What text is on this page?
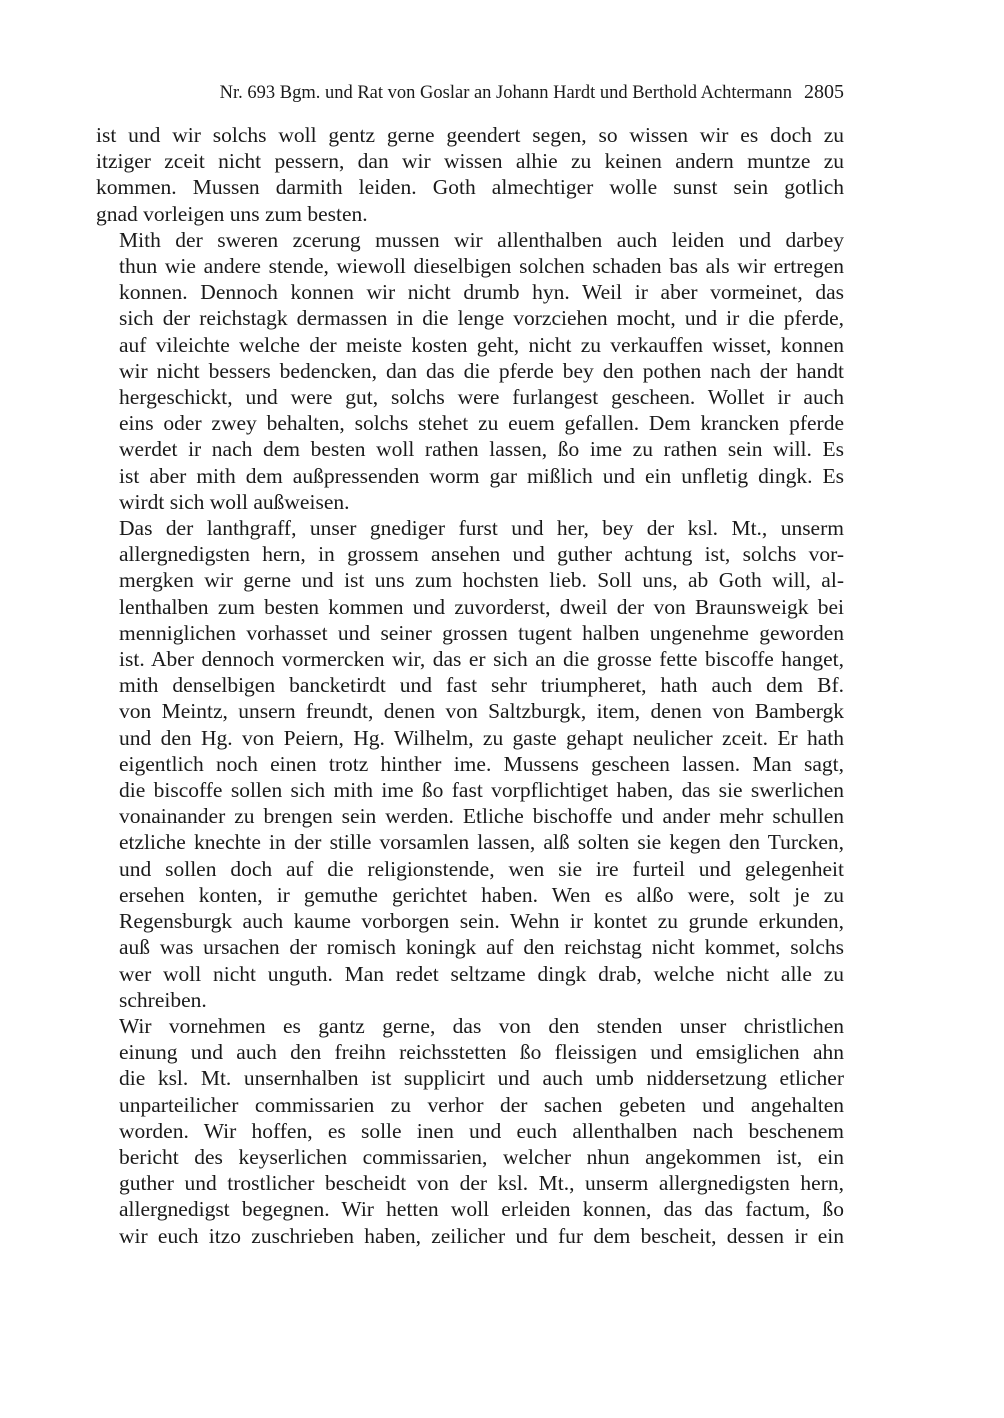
Nr. 693 Bgm. und Rat von Goslar an Johann Hardt und Berthold Achtermann 2805
ist und wir solchs woll gentz gerne geendert segen, so wissen wir es doch zu
itziger zceit nicht pessern, dan wir wissen alhie zu keinen andern muntze zu
kommen. Mussen darmith leiden. Goth almechtiger wolle sunst sein gotlich
gnad vorleigen uns zum besten.
Mith der sweren zcerung mussen wir allenthalben auch leiden und darbey
thun wie andere stende, wiewoll dieselbigen solchen schaden bas als wir ertregen
konnen. Dennoch konnen wir nicht drumb hyn. Weil ir aber vormeinet, das
sich der reichstagk dermassen in die lenge vorzciehen mocht, und ir die pferde,
auf vileichte welche der meiste kosten geht, nicht zu verkauffen wisset, konnen
wir nicht bessers bedencken, dan das die pferde bey den pothen nach der handt
hergeschickt, und were gut, solchs were furlangest gescheen. Wollet ir auch
eins oder zwey behalten, solchs stehet zu euem gefallen. Dem krancken pferde
werdet ir nach dem besten woll rathen lassen, ßo ime zu rathen sein will. Es
ist aber mith dem außpressenden worm gar mißlich und ein unfletig dingk. Es
wirdt sich woll außweisen.
Das der lanthgraff, unser gnediger furst und her, bey der ksl. Mt., unserm
allergnedigsten hern, in grossem ansehen und guther achtung ist, solchs vor-
mergken wir gerne und ist uns zum hochsten lieb. Soll uns, ab Goth will, al-
lenthalben zum besten kommen und zuvorderst, dweil der von Braunsweigk bei
menniglichen vorhasset und seiner grossen tugent halben ungenehme geworden
ist. Aber dennoch vormercken wir, das er sich an die grosse fette biscoffe hanget,
mith denselbigen bancketirdt und fast sehr triumpheret, hath auch dem Bf.
von Meintz, unsern freundt, denen von Saltzburgk, item, denen von Bambergk
und den Hg. von Peiern, Hg. Wilhelm, zu gaste gehapt neulicher zceit. Er hath
eigentlich noch einen trotz hinther ime. Mussens gescheen lassen. Man sagt,
die biscoffe sollen sich mith ime ßo fast vorpflichtiget haben, das sie swerlichen
vonainander zu brengen sein werden. Etliche bischoffe und ander mehr schullen
etzliche knechte in der stille vorsamlen lassen, alß solten sie kegen den Turcken,
und sollen doch auf die religionstende, wen sie ire furteil und gelegenheit
ersehen konten, ir gemuthe gerichtet haben. Wen es alßo were, solt je zu
Regensburgk auch kaume vorborgen sein. Wehn ir kontet zu grunde erkunden,
auß was ursachen der romisch koningk auf den reichstag nicht kommet, solchs
wer woll nicht unguth. Man redet seltzame dingk drab, welche nicht alle zu
schreiben.
Wir vornehmen es gantz gerne, das von den stenden unser christlichen
einung und auch den freihn reichsstetten ßo fleissigen und emsiglichen ahn
die ksl. Mt. unsernhalben ist supplicirt und auch umb niddersetzung etlicher
unparteilicher commissarien zu verhor der sachen gebeten und angehalten
worden. Wir hoffen, es solle inen und euch allenthalben nach beschenem
bericht des keyserlichen commissarien, welcher nhun angekommen ist, ein
guther und trostlicher bescheidt von der ksl. Mt., unserm allergnedigsten hern,
allergnedigst begegnen. Wir hetten woll erleiden konnen, das das factum, ßo
wir euch itzo zuschrieben haben, zeilicher und fur dem bescheit, dessen ir ein
